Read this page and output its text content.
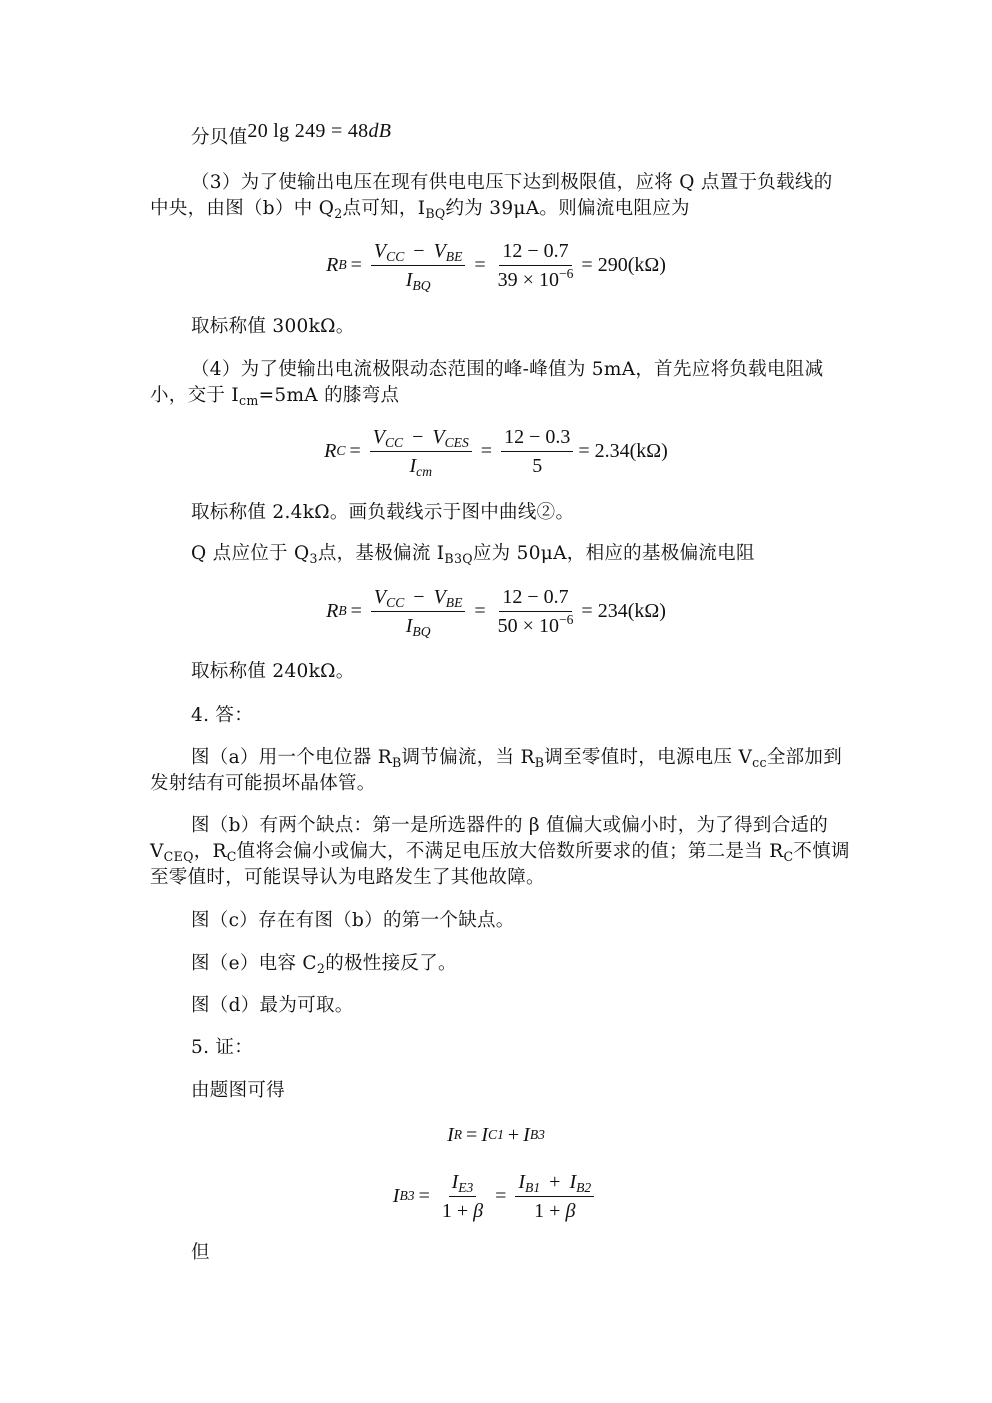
分贝值20 lg 249 = 48dB
（3）为了使输出电压在现有供电电压下达到极限值，应将 Q 点置于负载线的中央，由图（b）中 $Q_2$点可知，$I_{BQ}$约为 39μA。则偏流电阻应为
R $B = \frac{V_{CC} - V_{BE}}{I_{BQ}} = \frac{12 - 0.7}{39 \times 10^{-6}} = 290(k\Omega)$
取标称值 300kΩ。
（4）为了使输出电流极限动态范围的峰-峰值为 5mA，首先应将负载电阻减小，交于 $I_{cm}=5mA$ 的膝弯点
R $C = \frac{V_{CC} - V_{CES}}{I_{cm}} = \frac{12 - 0.3}{5} = 2.34(k\Omega)$
取标称值 2.4kΩ。画负载线示于图中曲线②。
Q 点应位于 $Q_3$点，基极偏流 $I_{B3Q}$应为 50μA，相应的基极偏流电阻
R $B = \frac{V_{CC} - V_{BE}}{I_{BQ}} = \frac{12 - 0.7}{50 \times 10^{-6}} = 234(k\Omega)$
取标称值 240kΩ。
4. 答：
图（a）用一个电位器 $R_B$调节偏流，当 $R_B$调至零值时，电源电压 $V_{cc}$全部加到发射结有可能损坏晶体管。
图（b）有两个缺点：第一是所选器件的 β 值偏大或偏小时，为了得到合适的 $V_{CEQ}$，$R_C$值将会偏小或偏大，不满足电压放大倍数所要求的值；第二是当 $R_C$不慎调至零值时，可能误导认为电路发生了其他故障。
图（c）存在有图（b）的第一个缺点。
图（e）电容 $C_2$的极性接反了。
图（d）最为可取。
5. 证：
由题图可得
I R = I C1 + I B3
I $B3 = \frac{I_{E3}}{1 + \beta} = \frac{I_{B1} + I_{B2}}{1 + \beta}$
但
